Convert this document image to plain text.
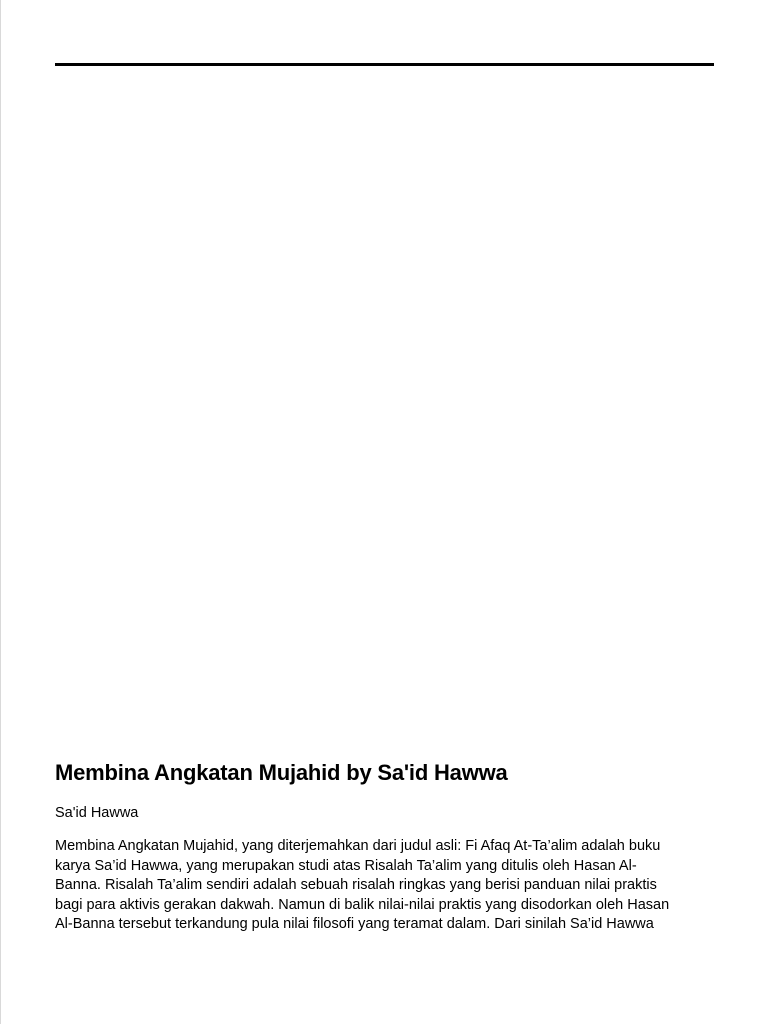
Membina Angkatan Mujahid by Sa'id Hawwa

Sa'id Hawwa

Membina Angkatan Mujahid, yang diterjemahkan dari judul asli: Fi Afaq At-Ta’alim adalah buku
karya Sa’id Hawwa, yang merupakan studi atas Risalah Ta’alim yang ditulis oleh Hasan Al-
Banna. Risalah Ta’alim sendiri adalah sebuah risalah ringkas yang berisi panduan nilai praktis
bagi para aktivis gerakan dakwah. Namun di balik nilai-nilai praktis yang disodorkan oleh Hasan
Al-Banna tersebut terkandung pula nilai filosofi yang teramat dalam. Dari sinilah Sa’id Hawwa
